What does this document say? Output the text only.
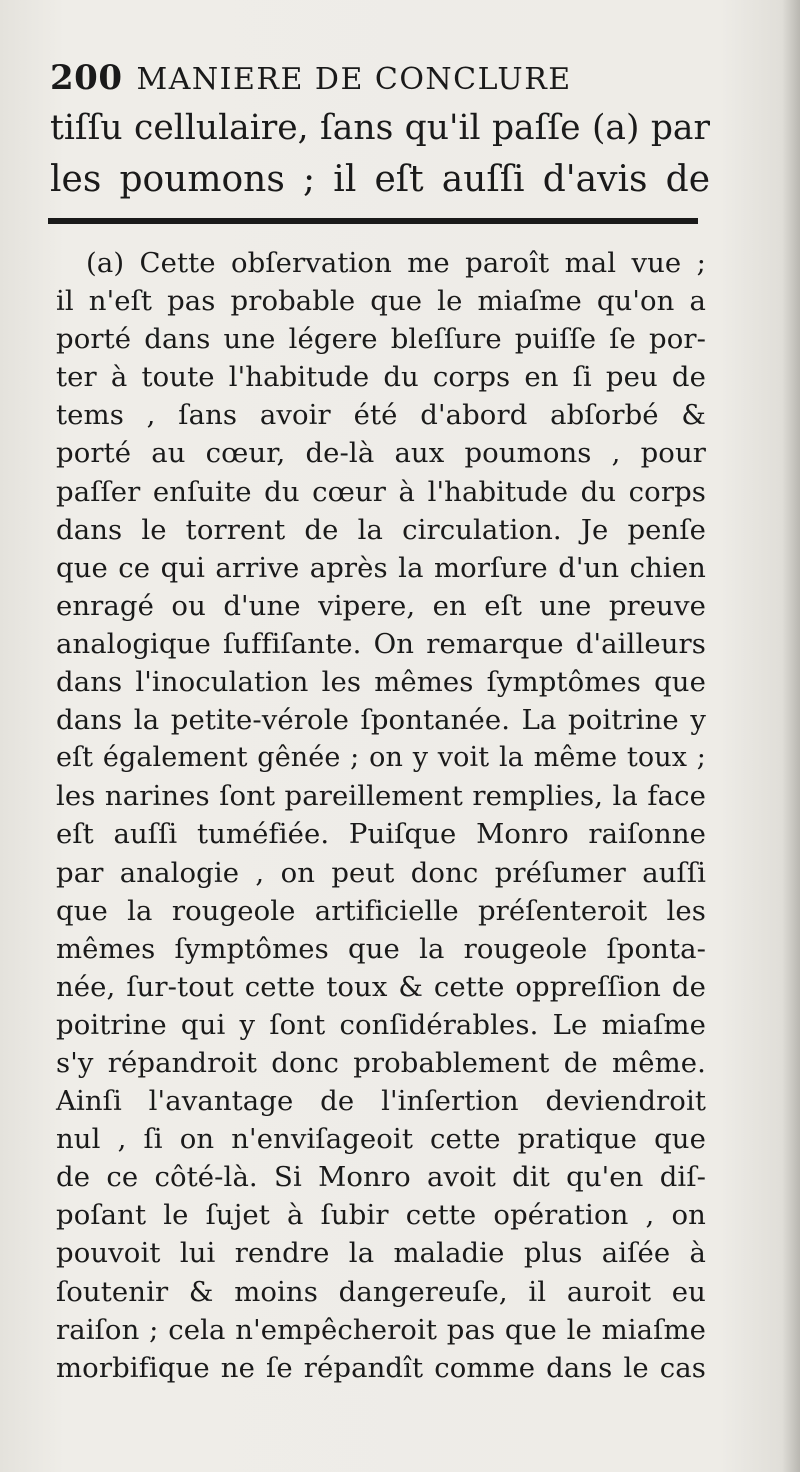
200 MANIERE DE CONCLURE
tiſſu cellulaire, ſans qu'il paſſe (a) par
les poumons ; il eſt auſſi d'avis de
(a) Cette obſervation me paroît mal vue ;
il n'eſt pas probable que le miaſme qu'on a
porté dans une légere bleſſure puiſſe ſe por-
ter à toute l'habitude du corps en ſi peu de
tems , ſans avoir été d'abord abſorbé &
porté au cœur, de-là aux poumons , pour
paſſer enſuite du cœur à l'habitude du corps
dans le torrent de la circulation. Je penſe
que ce qui arrive après la morſure d'un chien
enragé ou d'une vipere, en eſt une preuve
analogique ſuffiſante. On remarque d'ailleurs
dans l'inoculation les mêmes ſymptômes que
dans la petite-vérole ſpontanée. La poitrine y
eſt également gênée ; on y voit la même toux ;
les narines ſont pareillement remplies, la face
eſt auſſi tuméfiée. Puiſque Monro raiſonne
par analogie , on peut donc préſumer auſſi
que la rougeole artificielle préſenteroit les
mêmes ſymptômes que la rougeole ſponta-
née, ſur-tout cette toux & cette oppreſſion de
poitrine qui y ſont conſidérables. Le miaſme
s'y répandroit donc probablement de même.
Ainſi l'avantage de l'inſertion deviendroit
nul , ſi on n'enviſageoit cette pratique que
de ce côté-là. Si Monro avoit dit qu'en diſ-
poſant le ſujet à ſubir cette opération , on
pouvoit lui rendre la maladie plus aiſée à
ſoutenir & moins dangereuſe, il auroit eu
raiſon ; cela n'empêcheroit pas que le miaſme
morbifique ne ſe répandît comme dans le cas
